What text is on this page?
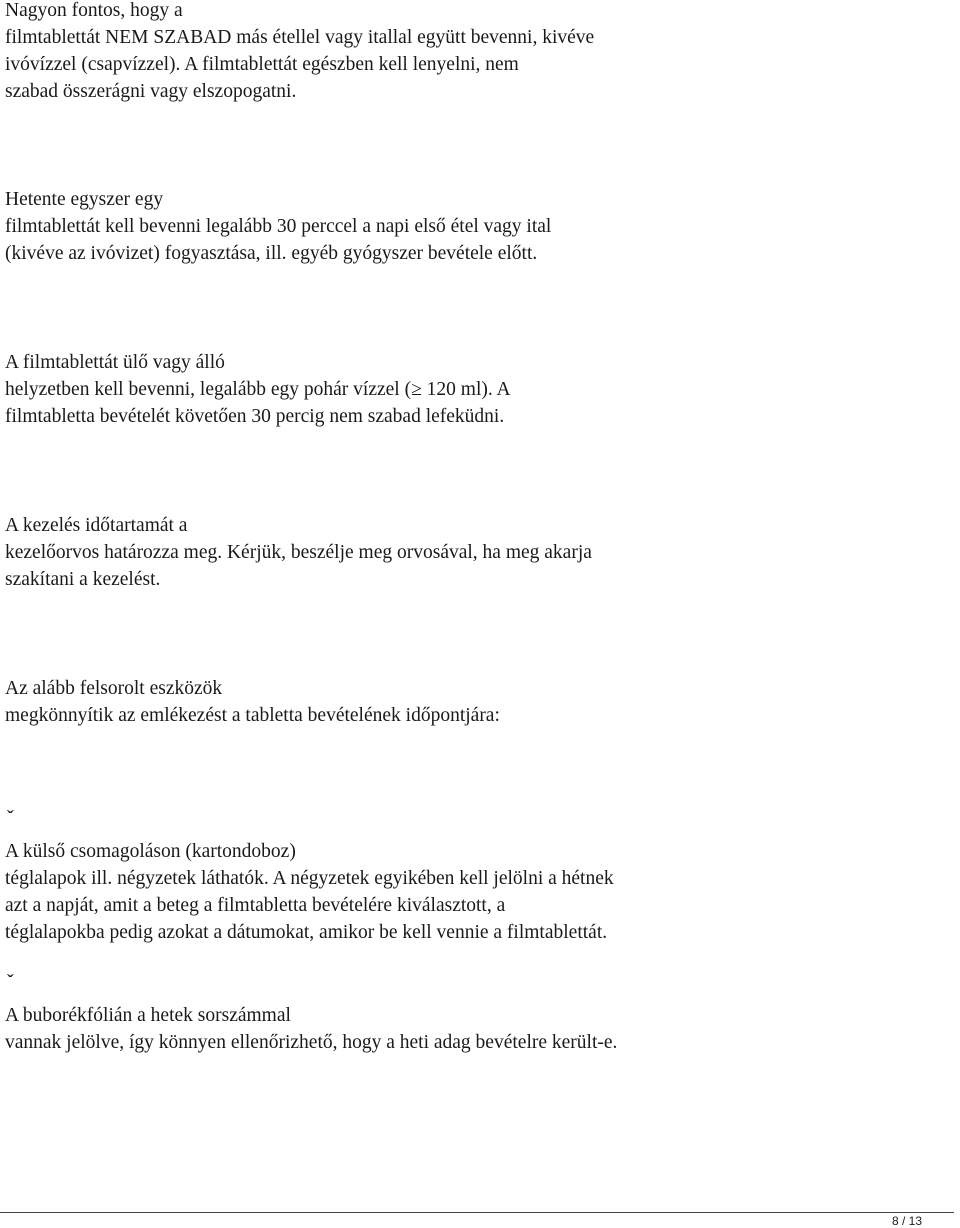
Nagyon fontos, hogy a
filmtablettát NEM SZABAD más étellel vagy itallal együtt bevenni, kivéve
ivóvízzel (csapvízzel). A filmtablettát egészben kell lenyelni, nem
szabad összerágni vagy elszopogatni.
Hetente egyszer egy
filmtablettát kell bevenni legalább 30 perccel a napi első étel vagy ital
(kivéve az ivóvizet) fogyasztása, ill. egyéb gyógyszer bevétele előtt.
A filmtablettát ülő vagy álló
helyzetben kell bevenni, legalább egy pohár vízzel (≥ 120 ml). A
filmtabletta bevételét követően 30 percig nem szabad lefeküdni.
A kezelés időtartamát a
kezelőorvos határozza meg. Kérjük, beszélje meg orvosával, ha meg akarja
szakítani a kezelést.
Az alább felsorolt eszközök
megkönnyítik az emlékezést a tabletta bevételének időpontjára:
ˇ
A külső csomagoláson (kartondoboz)
téglalapok ill. négyzetek láthatók. A négyzetek egyikében kell jelölni a hétnek
azt a napját, amit a beteg a filmtabletta bevételére kiválasztott, a
téglalapokba pedig azokat a dátumokat, amikor be kell vennie a filmtablettát.
ˇ
A buborékfólián a hetek sorszámmal
vannak jelölve, így könnyen ellenőrizhető, hogy a heti adag bevételre került-e.
8 / 13
